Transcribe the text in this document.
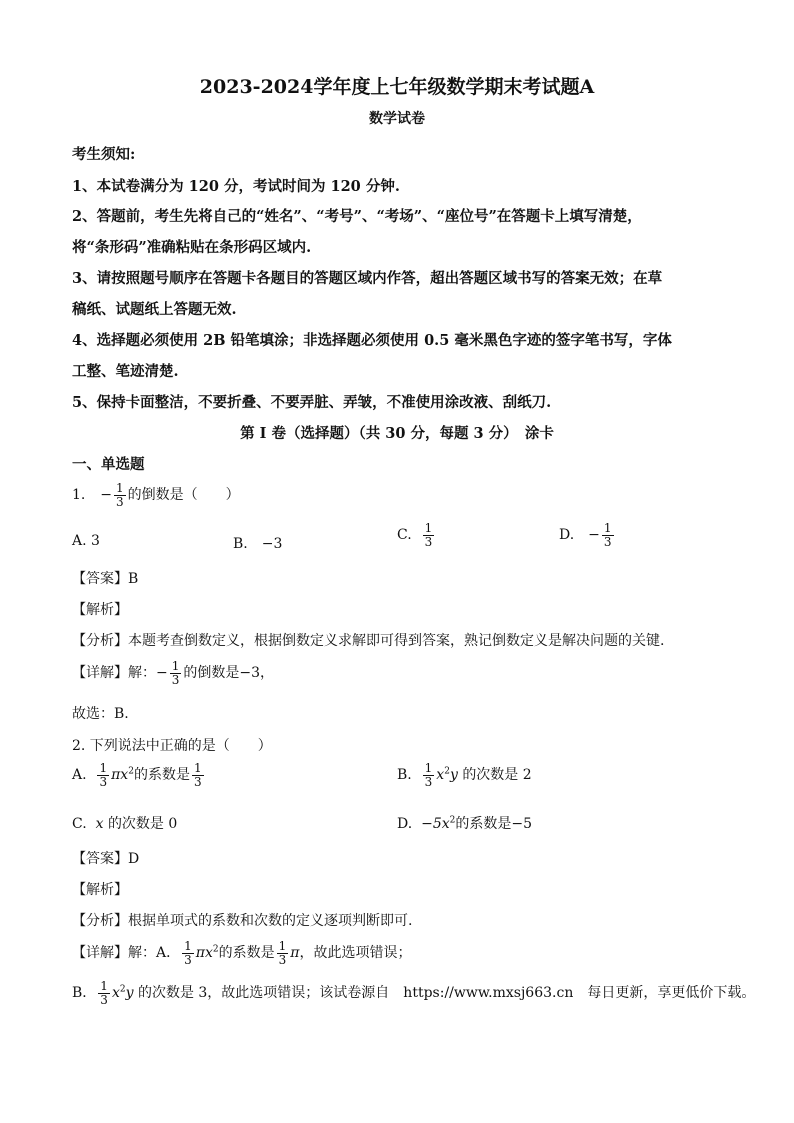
2023-2024学年度上七年级数学期末考试题A
数学试卷
考生须知:
1、本试卷满分为 120 分，考试时间为 120 分钟.
2、答题前，考生先将自己的“姓名”、“考号”、“考场”、“座位号”在答题卡上填写清楚，
将“条形码”准确粘贴在条形码区域内.
3、请按照题号顺序在答题卡各题目的答题区域内作答，超出答题区域书写的答案无效；在草
稿纸、试题纸上答题无效.
4、选择题必须使用 2B 铅笔填涂；非选择题必须使用 0.5 毫米黑色字迹的签字笔书写，字体
工整、笔迹清楚.
5、保持卡面整洁，不要折叠、不要弄脏、弄皱，不准使用涂改液、刮纸刀.
第 I 卷（选择题）（共 30 分，每题 3 分）　涂卡
一、单选题
1. − $\frac{1}{3}$ 的倒数是（　　）
A. 3	B.　−3
C. $\frac{1}{3}$	D.　− $\frac{1}{3}$
【答案】B
【解析】
【分析】本题考查倒数定义，根据倒数定义求解即可得到答案，熟记倒数定义是解决问题的关键.
【详解】解：− $\frac{1}{3}$ 的倒数是−3，
故选：B.
2. 下列说法中正确的是（　　）
A. $\frac{1}{3} \pi x^2$的系数是 $\frac{1}{3}$	B. $\frac{1}{3} x^2y$ 的次数是 2
C. x 的次数是 0	D. $-5x^2$的系数是−5
【答案】D
【解析】
【分析】根据单项式的系数和次数的定义逐项判断即可.
【详解】解：A． $\frac{1}{3} \pi x^2$的系数是 $\frac{1}{3}$ π，故此选项错误；
B． $\frac{1}{3} x^2y$ 的次数是 3，故此选项错误；该试卷源自　https://www.mxsj663.cn　每日更新，享更低价下载。
